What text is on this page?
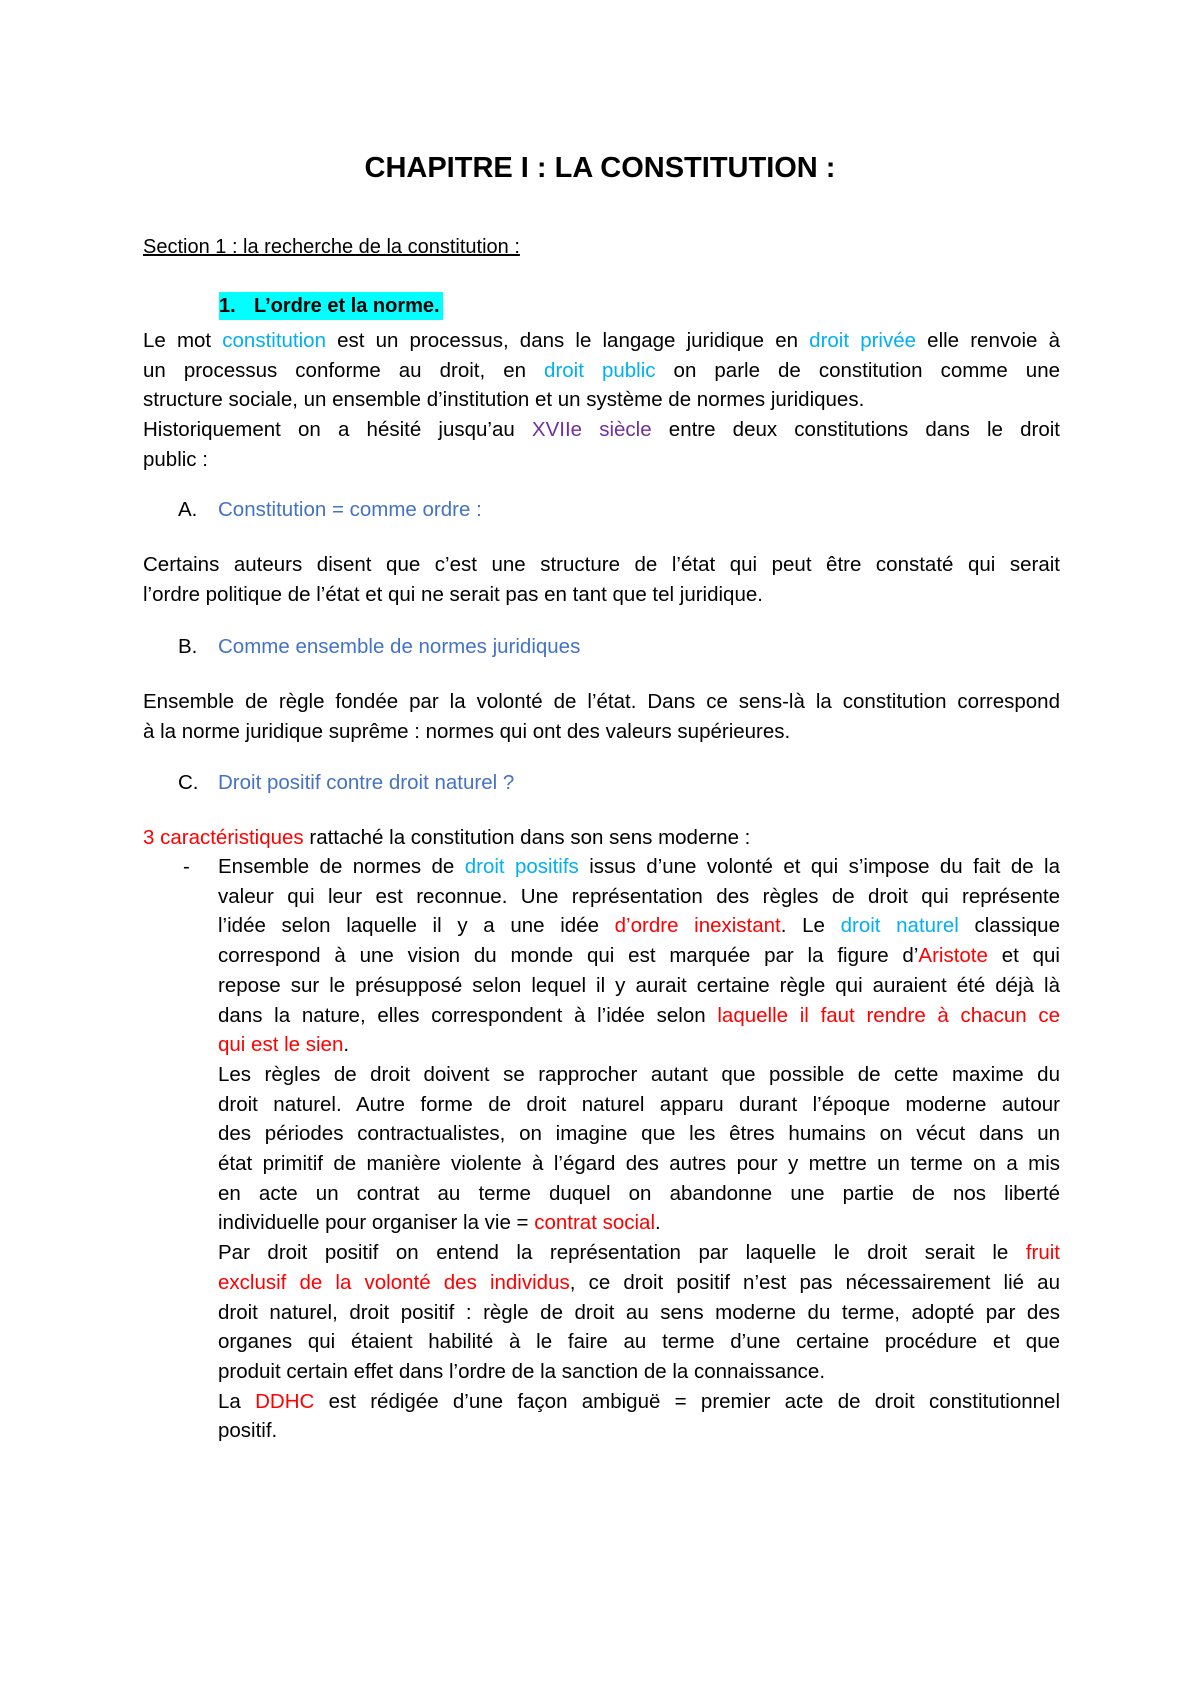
CHAPITRE I : LA CONSTITUTION :
Section 1 : la recherche de la constitution :
1. L’ordre et la norme.

Le mot constitution est un processus, dans le langage juridique en droit privée elle renvoie à

un processus conforme au droit, en droit public on parle de constitution comme une

structure sociale, un ensemble d’institution et un système de normes juridiques.

Historiquement on a hésité jusqu’au XVIIe siècle entre deux constitutions dans le droit

public :

A. Constitution = comme ordre :

Certains auteurs disent que c’est une structure de l’état qui peut être constaté qui serait

l’ordre politique de l’état et qui ne serait pas en tant que tel juridique.

B. Comme ensemble de normes juridiques

Ensemble de règle fondée par la volonté de l’état. Dans ce sens-là la constitution correspond

à la norme juridique suprême : normes qui ont des valeurs supérieures.

C. Droit positif contre droit naturel ?

3 caractéristiques rattaché la constitution dans son sens moderne :

- Ensemble de normes de droit positifs issus d’une volonté et qui s’impose du fait de la

valeur qui leur est reconnue. Une représentation des règles de droit qui représente

l’idée selon laquelle il y a une idée d’ordre inexistant. Le droit naturel classique

correspond à une vision du monde qui est marquée par la figure d’Aristote et qui

repose sur le présupposé selon lequel il y aurait certaine règle qui auraient été déjà là

dans la nature, elles correspondent à l’idée selon laquelle il faut rendre à chacun ce

qui est le sien.

Les règles de droit doivent se rapprocher autant que possible de cette maxime du

droit naturel. Autre forme de droit naturel apparu durant l’époque moderne autour

des périodes contractualistes, on imagine que les êtres humains on vécut dans un

état primitif de manière violente à l’égard des autres pour y mettre un terme on a mis

en acte un contrat au terme duquel on abandonne une partie de nos liberté

individuelle pour organiser la vie = contrat social.

Par droit positif on entend la représentation par laquelle le droit serait le fruit

exclusif de la volonté des individus, ce droit positif n’est pas nécessairement lié au

droit naturel, droit positif : règle de droit au sens moderne du terme, adopté par des

organes qui étaient habilité à le faire au terme d’une certaine procédure et que

produit certain effet dans l’ordre de la sanction de la connaissance.

La DDHC est rédigée d’une façon ambiguë = premier acte de droit constitutionnel

positif.
